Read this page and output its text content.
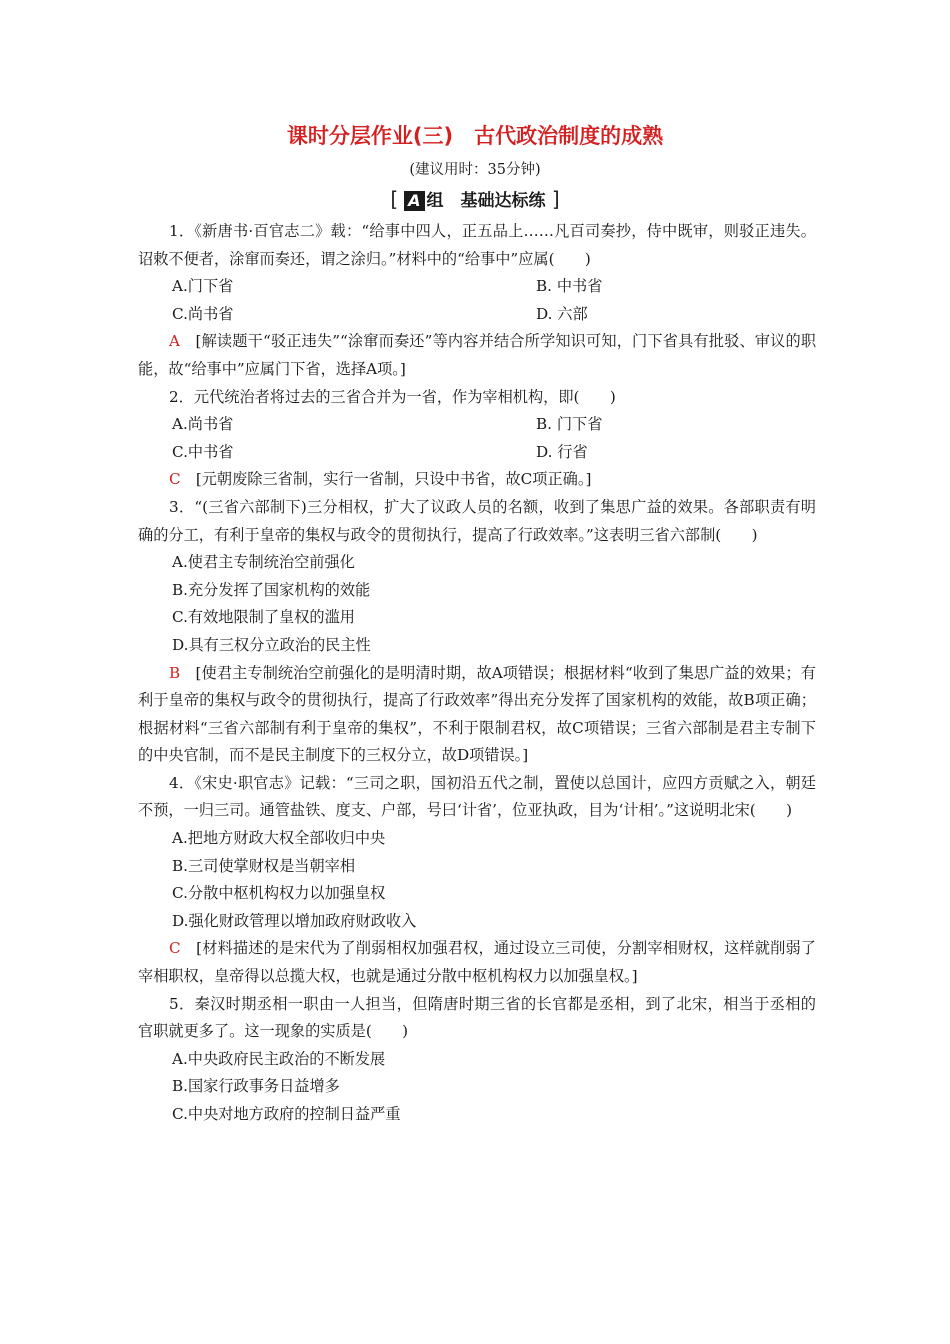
课时分层作业(三)　古代政治制度的成熟
(建议用时：35分钟)
[ A 组　基础达标练 ]

1．《新唐书·百官志二》载：“给事中四人，正五品上……凡百司奏抄，侍中既审，则驳正违失。诏敕不便者，涂窜而奏还，谓之涂归。”材料中的“给事中”应属(　　)

A.门下省	B. 中书省

C.尚书省	D. 六部

A　 [解读题干“驳正违失”“涂窜而奏还”等内容并结合所学知识可知，门下省具有批驳、审议的职能，故“给事中”应属门下省，选择A项。]

2．元代统治者将过去的三省合并为一省，作为宰相机构，即(　　)

A.尚书省	B. 门下省

C.中书省	D. 行省

C　 [元朝废除三省制，实行一省制，只设中书省，故C项正确。]

3．“(三省六部制下)三分相权，扩大了议政人员的名额，收到了集思广益的效果。各部职责有明确的分工，有利于皇帝的集权与政令的贯彻执行，提高了行政效率。”这表明三省六部制(　　)

A.使君主专制统治空前强化

B.充分发挥了国家机构的效能

C.有效地限制了皇权的滥用

D.具有三权分立政治的民主性

B　 [使君主专制统治空前强化的是明清时期，故A项错误；根据材料“收到了集思广益的效果；有利于皇帝的集权与政令的贯彻执行，提高了行政效率”得出充分发挥了国家机构的效能，故B项正确；根据材料“三省六部制有利于皇帝的集权”，不利于限制君权，故C项错误；三省六部制是君主专制下的中央官制，而不是民主制度下的三权分立，故D项错误。]

4．《宋史·职官志》记载：“三司之职，国初沿五代之制，置使以总国计，应四方贡赋之入，朝廷不预，一归三司。通管盐铁、度支、户部，号曰‘计省’，位亚执政，目为‘计相’。”这说明北宋(　　)

A.把地方财政大权全部收归中央

B.三司使掌财权是当朝宰相

C.分散中枢机构权力以加强皇权

D.强化财政管理以增加政府财政收入

C　 [材料描述的是宋代为了削弱相权加强君权，通过设立三司使，分割宰相财权，这样就削弱了宰相职权，皇帝得以总揽大权，也就是通过分散中枢机构权力以加强皇权。]

5．秦汉时期丞相一职由一人担当，但隋唐时期三省的长官都是丞相，到了北宋，相当于丞相的官职就更多了。这一现象的实质是(　　)

A.中央政府民主政治的不断发展

B.国家行政事务日益增多

C.中央对地方政府的控制日益严重
